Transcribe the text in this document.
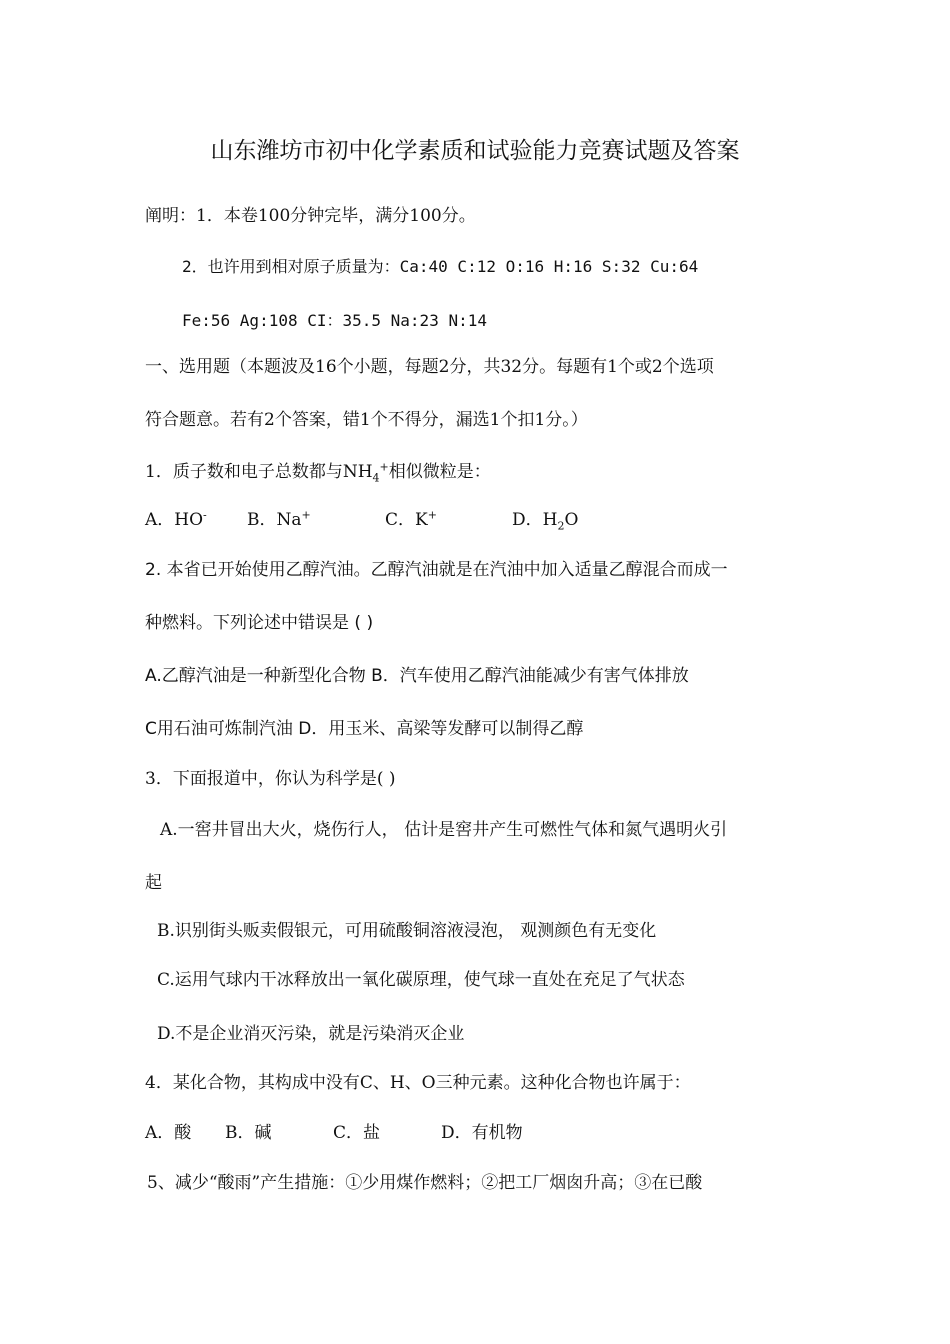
山东潍坊市初中化学素质和试验能力竞赛试题及答案
阐明：1．本卷100分钟完毕，满分100分。
2．也许用到相对原子质量为：Ca:40 C:12 O:16 H:16 S:32 Cu:64
Fe:56 Ag:108 CI：35.5 Na:23 N:14
一、选用题（本题波及16个小题，每题2分，共32分。每题有1个或2个选项
符合题意。若有2个答案，错1个不得分，漏选1个扣1分。）
1．质子数和电子总数都与$NH_4^+$相似微粒是：
A．HO- B．Na+	C．K+	D．$H_2O$
2. 本省已开始使用乙醇汽油。乙醇汽油就是在汽油中加入适量乙醇混合而成一
种燃料。下列论述中错误是 ( )
A.乙醇汽油是一种新型化合物 B．汽车使用乙醇汽油能减少有害气体排放
C用石油可炼制汽油 D．用玉米、高梁等发酵可以制得乙醇
3．下面报道中，你认为科学是( )
A.一窖井冒出大火，烧伤行人， 估计是窖井产生可燃性气体和氮气遇明火引
起
B.识别街头贩卖假银元，可用硫酸铜溶液浸泡， 观测颜色有无变化
C.运用气球内干冰释放出一氧化碳原理，使气球一直处在充足了气状态
D.不是企业消灭污染，就是污染消灭企业
4．某化合物，其构成中没有C、H、O三种元素。这种化合物也许属于：
A．酸 B．碱	C．盐	D．有机物
5、减少“酸雨”产生措施：①少用煤作燃料；②把工厂烟囱升高；③在已酸
